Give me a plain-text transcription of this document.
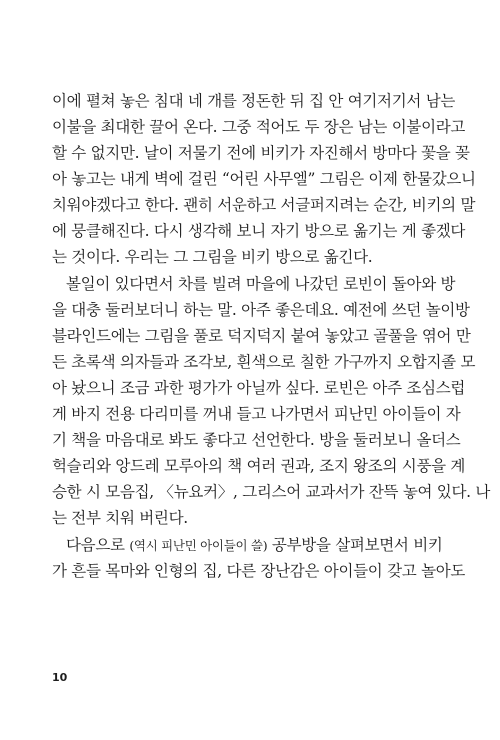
이에 펼쳐 놓은 침대 네 개를 정돈한 뒤 집 안 여기저기서 남는
이불을 최대한 끌어 온다. 그중 적어도 두 장은 남는 이불이라고
할 수 없지만. 날이 저물기 전에 비키가 자진해서 방마다 꽃을 꽂
아 놓고는 내게 벽에 걸린 “어린 사무엘” 그림은 이제 한물갔으니
치워야겠다고 한다. 괜히 서운하고 서글퍼지려는 순간, 비키의 말
에 뭉클해진다. 다시 생각해 보니 자기 방으로 옮기는 게 좋겠다
는 것이다. 우리는 그 그림을 비키 방으로 옮긴다.
볼일이 있다면서 차를 빌려 마을에 나갔던 로빈이 돌아와 방
을 대충 둘러보더니 하는 말. 아주 좋은데요. 예전에 쓰던 놀이방
블라인드에는 그림을 풀로 덕지덕지 붙여 놓았고 골풀을 엮어 만
든 초록색 의자들과 조각보, 흰색으로 칠한 가구까지 오합지졸 모
아 놨으니 조금 과한 평가가 아닐까 싶다. 로빈은 아주 조심스럽
게 바지 전용 다리미를 꺼내 들고 나가면서 피난민 아이들이 자
기 책을 마음대로 봐도 좋다고 선언한다. 방을 둘러보니 올더스
헉슬리와 앙드레 모루아의 책 여러 권과, 조지 왕조의 시풍을 계
승한 시 모음집, 〈뉴요커〉, 그리스어 교과서가 잔뜩 놓여 있다. 나
는 전부 치워 버린다.
다음으로 (역시 피난민 아이들이 쓸) 공부방을 살펴보면서 비키
가 흔들 목마와 인형의 집, 다른 장난감은 아이들이 갖고 놀아도
10
